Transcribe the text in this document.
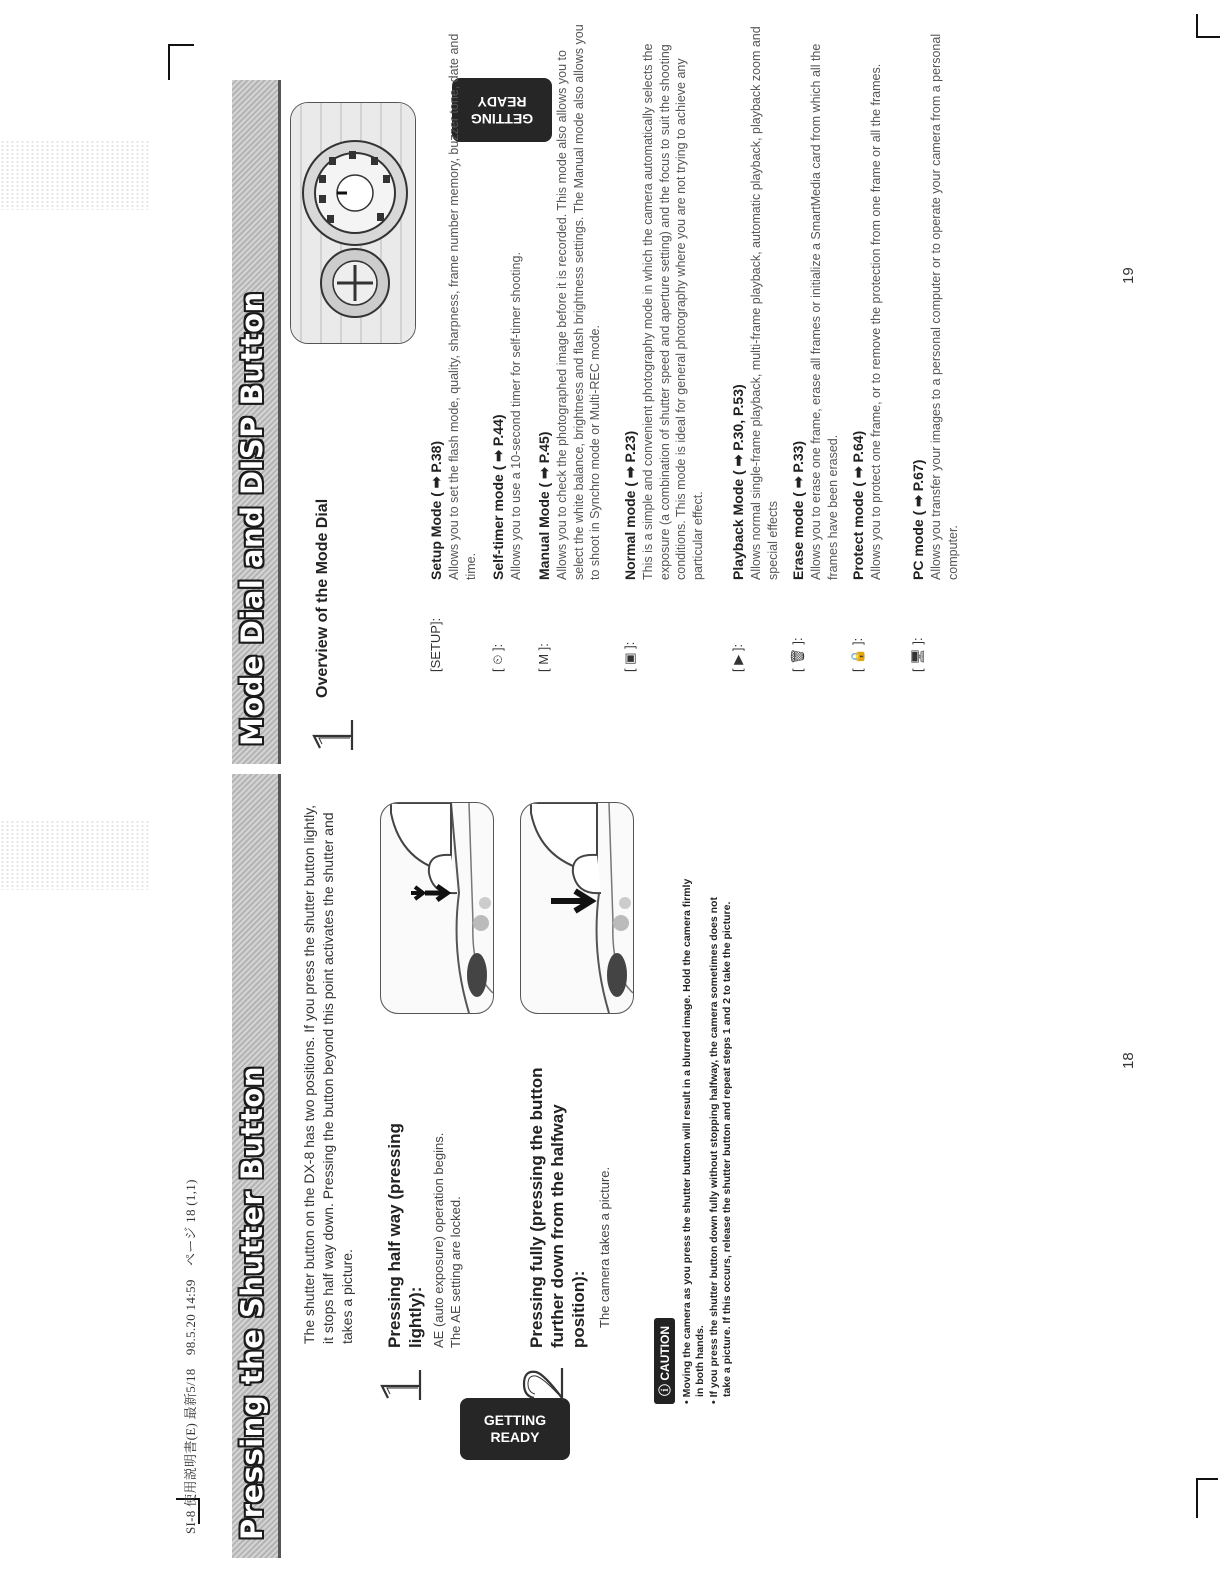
GETTING
READY
GETTING
READY
SI-8 使用説明書(E) 最新5/18　98.5.20 14:59　ページ 18 (1,1) Pressing the Shutter Button The shutter button on the DX-8 has two positions. If you press the shutter button lightly, it stops half way down. Pressing the button beyond this point activates the shutter and takes a picture. Pressing half way (pressing lightly): AE (auto exposure) operation begins.
The AE setting are locked.	Pressing fully (pressing the button further down from the halfway position): The camera takes a picture.

ⓘ CAUTION
• Moving the camera as you press the shutter button will result in a blurred image. Hold the camera firmly in both hands.
• If you press the shutter button down fully without stopping halfway, the camera sometimes does not take a picture. If this occurs, release the shutter button and repeat steps 1 and 2 to take the picture.	18
Mode Dial and DISP Button	Overview of the Mode Dial	[SETUP]:
Setup Mode ( ➡ P.38) Allows you to set the flash mode, quality, sharpness, frame number memory, buzzer tone, date and time.

[ ⏲ ]:
Self-timer mode ( ➡ P.44) Allows you to use a 10-second timer for self-timer shooting.

[ M ]:
Manual Mode ( ➡ P.45) Allows you to check the photographed image before it is recorded. This mode also allows you to select the white balance, brightness and flash brightness settings. The Manual mode also allows you to shoot in Synchro mode or Multi-REC mode.

[ ▣ ]:
Normal mode ( ➡ P.23) This is a simple and convenient photography mode in which the camera automatically selects the exposure (a combination of shutter speed and aperture setting) and the focus to suit the shooting conditions. This mode is ideal for general photography where you are not trying to achieve any particular effect.

[ ▶ ]:
Playback Mode ( ➡ P.30, P.53) Allows normal single-frame playback, multi-frame playback, automatic playback, playback zoom and special effects

[ 🗑 ]:
Erase mode ( ➡ P.33) Allows you to erase one frame, erase all frames or initialize a SmartMedia card from which all the frames have been erased.

[ 🔒 ]:
Protect mode ( ➡ P.64) Allows you to protect one frame, or to remove the protection from one frame or all the frames.

[ 🖥 ]:
PC mode ( ➡ P.67) Allows you transfer your images to a personal computer or to operate your camera from a personal computer.

19
